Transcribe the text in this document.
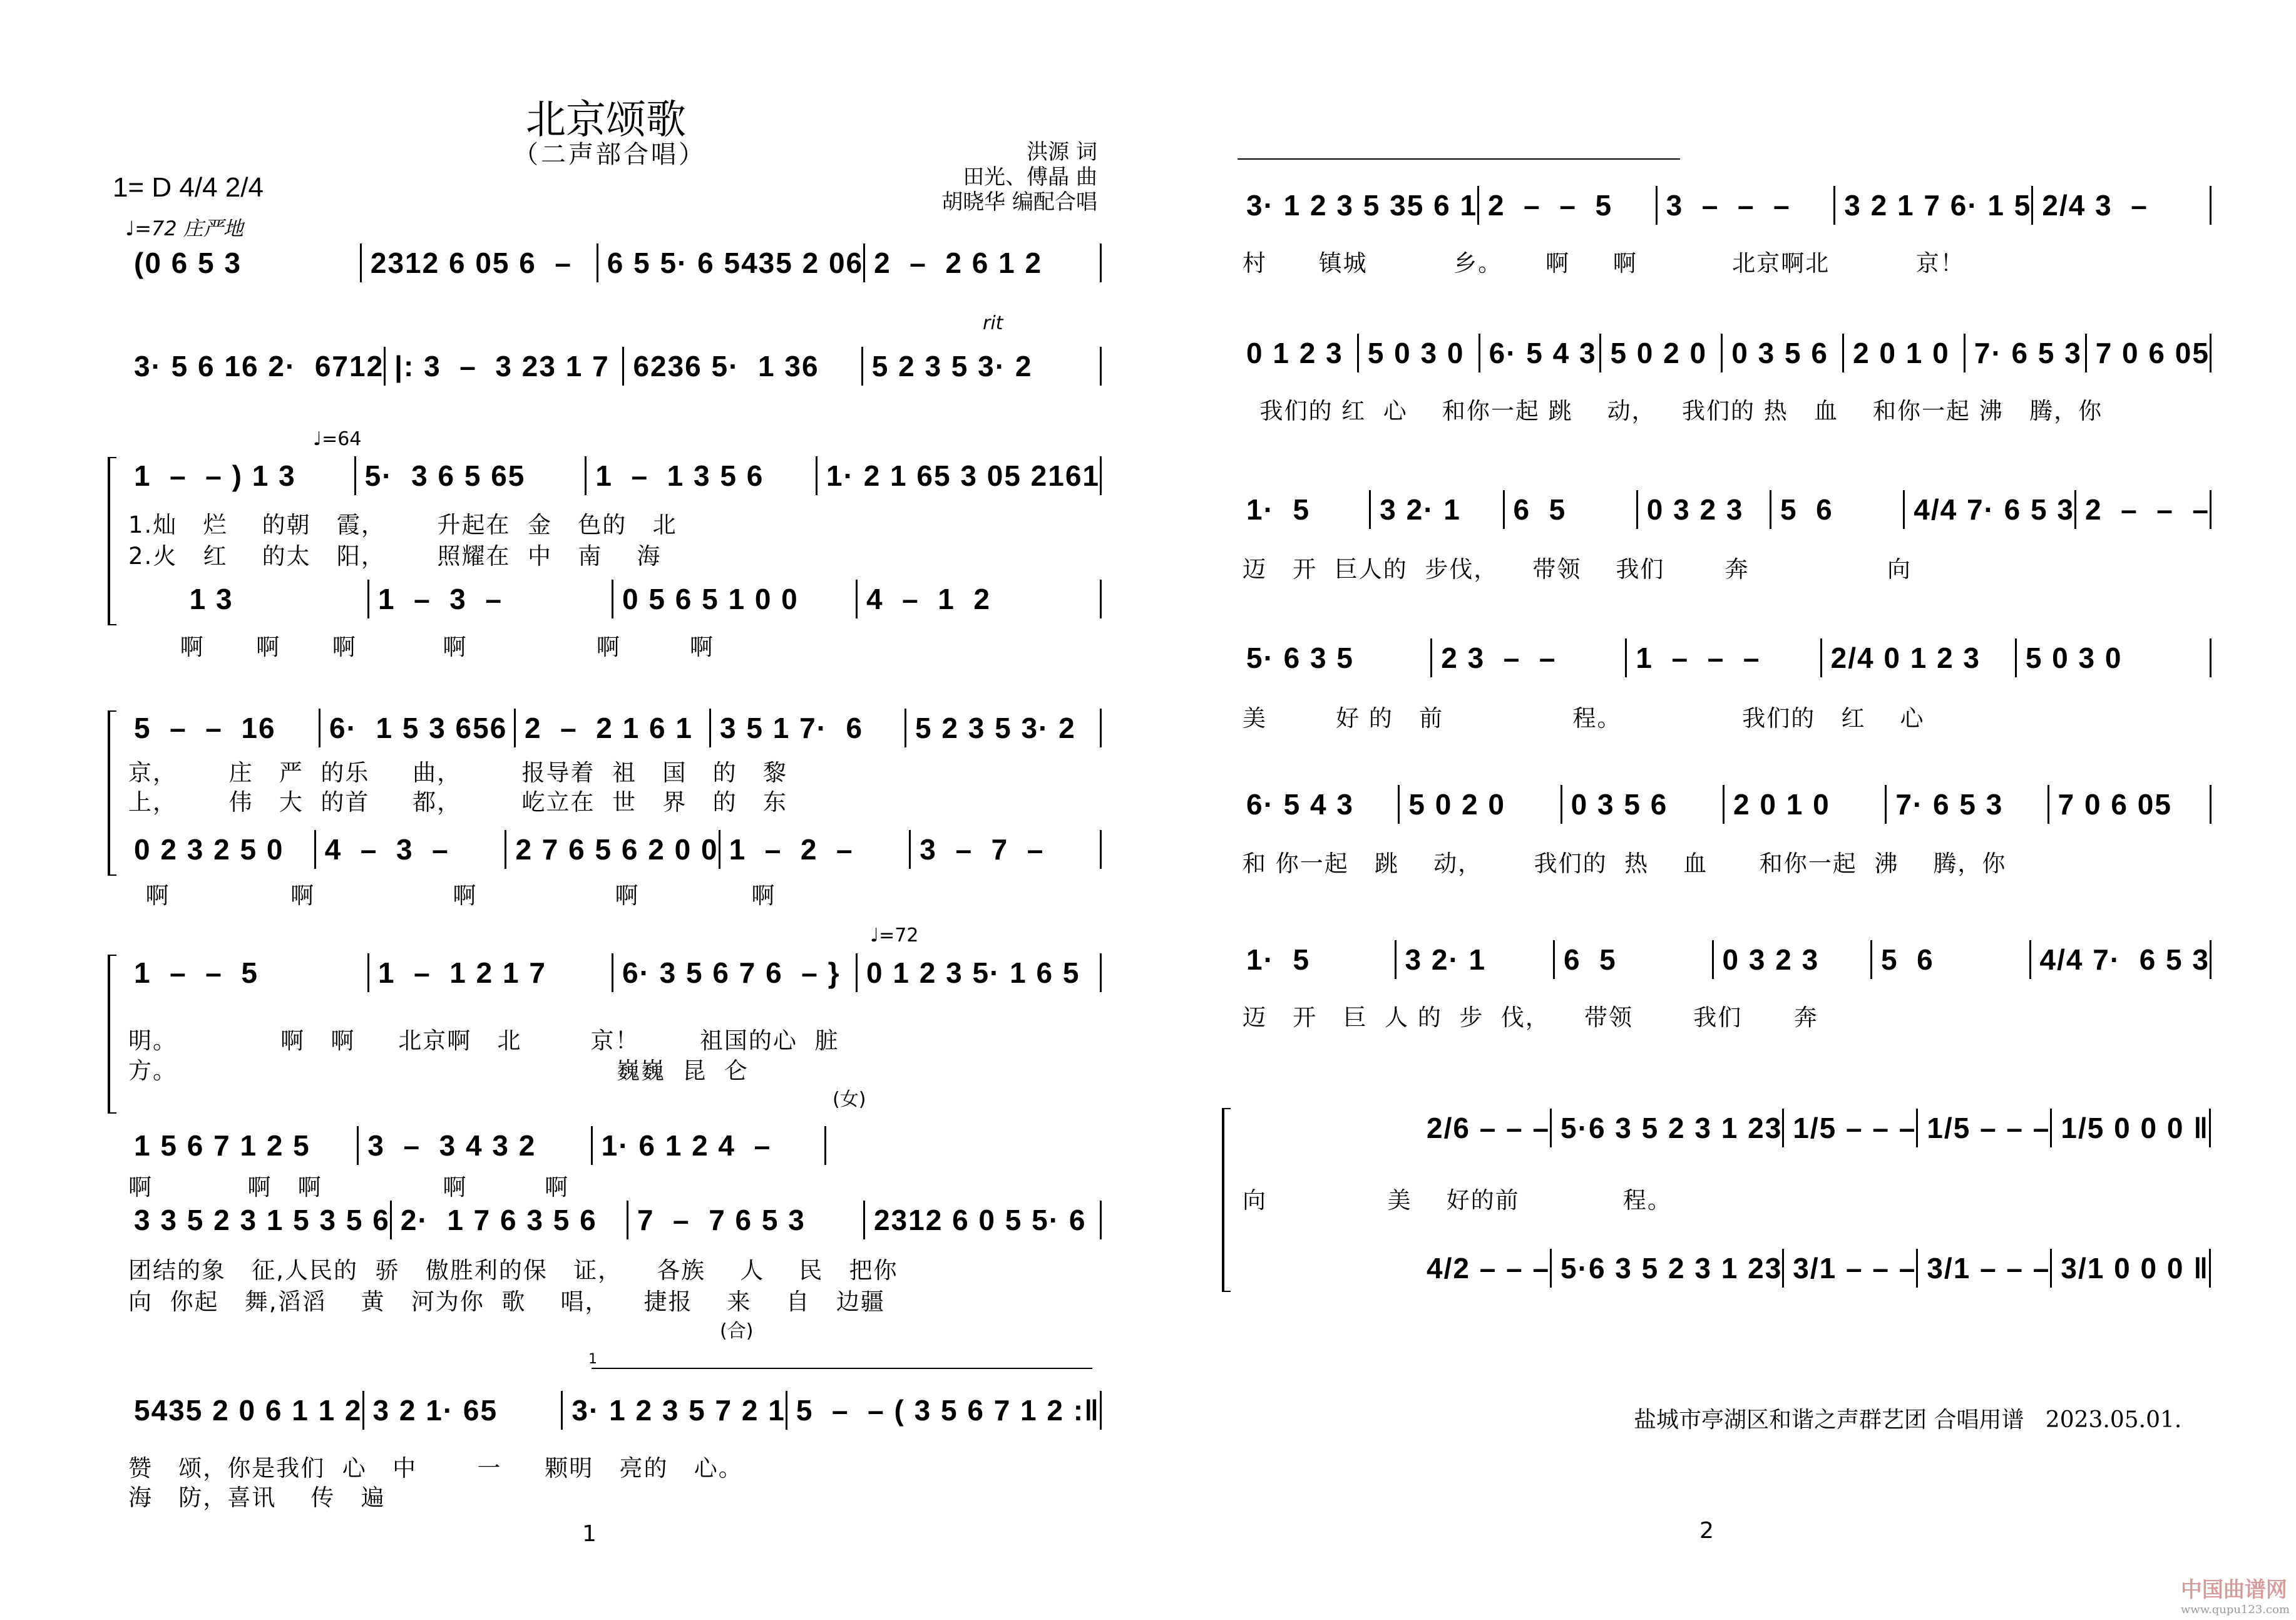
北京颂歌
（二声部合唱）	洪源 词
田光、傅晶 曲
胡晓华 编配合唱
1= D 4/4 2/4
♩=72 庄严地
rit
♩=64
♩=72
(女)
(合)
1
(0 6 5 3	2312 6 05 6  –	6 5 5· 6 5435 2 06 2  –  2 6 1 2
3· 5 6 16 2·  6712 |: 3  –  3 23 1 7 6236 5·  1 36	5 2 3 5 3· 2
1  –  – ) 1 3	5·  3 6 5 65	1  –  1 3 5 6	1· 2 1 65 3 05 2161
1.灿   烂    的朝   霞，      升起在  金   色的   北
2.火   红    的太   阳，      照耀在  中   南    海
1 3	1  –  3  –	0 5 6 5 1 0 0	4  –  1  2
啊      啊      啊          啊               啊        啊
5  –  –  16	6·  1 5 3 656 2  –  2 1 6 1 3 5 1 7·  6	5 2 3 5 3· 2
京，      庄   严  的乐     曲，       报导着  祖   国   的   黎
上，      伟   大  的首     都，       屹立在  世   界   的   东
0 2 3 2 5 0	4  –  3  –	2 7 6 5 6 2 0 0 1  –  2  –	3  –  7  –
啊              啊                啊                啊             啊
1  –  –  5	1  –  1 2 1 7	6· 3 5 6 7 6  – } 0 1 2 3 5· 1 6 5
明。            啊   啊     北京啊   北        京！       祖国的心  脏
方。                                                   巍巍  昆  仑
1 5 6 7 1 2 5	3  –  3 4 3 2	1· 6 1 2 4  –
啊           啊   啊              啊         啊
3 3 5 2 3 1 5 3 5 6 2·  1 7 6 3 5 6	7  –  7 6 5 3	2312 6 0 5 5· 6
团结的象   征,人民的  骄   傲胜利的保   证，    各族    人    民   把你
向  你起   舞,滔滔    黄   河为你  歌    唱，    捷报    来    自   边疆
5435 2 0 6 1 1 2 3 2 1· 65	3· 1 2 3 5 7 2 1 5  –  – ( 3 5 6 7 1 2 :‖
赞   颂，你是我们  心   中       一     颗明   亮的   心。
海   防，喜讯    传   遍
3· 1 2 3 5 35 6 1 2  –  –  5	3  –  –  –	3 2 1 7 6· 1 5 2/4 3  –
村      镇城          乡。     啊     啊           北京啊北          京！
0 1 2 3 5 0 3 0 6· 5 4 3 5 0 2 0 0 3 5 6 2 0 1 0 7· 6 5 3 7 0 6 05
我们的 红  心    和你一起 跳    动，   我们的 热   血    和你一起 沸   腾，你
1·  5	3 2· 1	6  5	0 3 2 3	5  6	4/4 7· 6 5 3 2  –  –  –
迈   开  巨人的  步伐，    带领    我们       奔                向
5· 6 3 5	2 3  –  –	1  –  –  –	2/4 0 1 2 3	5 0 3 0
美        好 的   前               程。              我们的   红    心
6· 5 4 3	5 0 2 0	0 3 5 6	2 0 1 0	7· 6 5 3	7 0 6 05
和 你一起   跳    动，      我们的  热    血      和你一起  沸    腾，你
1·  5	3 2· 1	6  5	0 3 2 3	5  6	4/4 7·  6 5 3
迈   开   巨  人 的  步  伐，    带领       我们      奔
2/6 – – – 5·6 3 5 2 3 1 23 1/5 – – – 1/5 – – – 1/5 0 0 0 ‖
向              美    好的前            程。
4/2 – – – 5·6 3 5 2 3 1 23 3/1 – – – 3/1 – – – 3/1 0 0 0 ‖
1	2
盐城市亭湖区和谐之声群艺团 合唱用谱 2023.05.01.
中国曲谱网
www.qupu123.com
